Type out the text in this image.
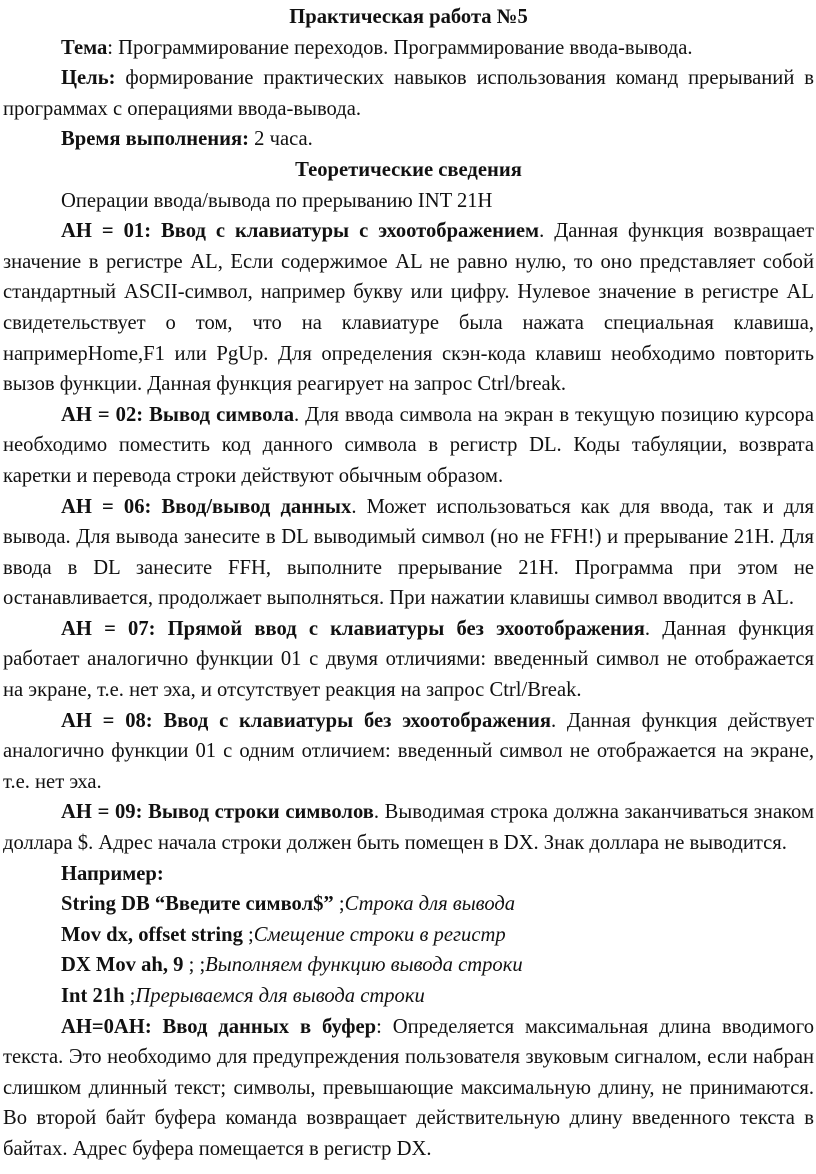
Практическая работа №5

Тема: Программирование переходов. Программирование ввода-вывода.

Цель: формирование практических навыков использования команд прерываний в программах с операциями ввода-вывода.

Время выполнения: 2 часа.

Теоретические сведения

Операции ввода/вывода по прерыванию INT 21H

AH = 01: Ввод с клавиатуры с эхоотображением. Данная функция возвращает значение в регистре AL, Если содержимое AL не равно нулю, то оно представляет собой стандартный ASCII-символ, например букву или цифру. Нулевое значение в регистре AL свидетельствует о том, что на клавиатуре была нажата специальная клавиша, напримерHome,F1 или PgUp. Для определения скэн-кода клавиш необходимо повторить вызов функции. Данная функция реагирует на запрос Ctrl/break.

AH = 02: Вывод символа. Для ввода символа на экран в текущую позицию курсора необходимо поместить код данного символа в регистр DL. Коды табуляции, возврата каретки и перевода строки действуют обычным образом.

AH = 06: Ввод/вывод данных. Может использоваться как для ввода, так и для вывода. Для вывода занесите в DL выводимый символ (но не FFH!) и прерывание 21H. Для ввода в DL занесите FFH, выполните прерывание 21H. Программа при этом не останавливается, продолжает выполняться. При нажатии клавишы символ вводится в AL.

AH = 07: Прямой ввод с клавиатуры без эхоотображения. Данная функция работает аналогично функции 01 с двумя отличиями: введенный символ не отображается на экране, т.е. нет эха, и отсутствует реакция на запрос Ctrl/Break.

AH = 08: Ввод с клавиатуры без эхоотображения. Данная функция действует аналогично функции 01 с одним отличием: введенный символ не отображается на экране, т.е. нет эха.

AH = 09: Вывод строки символов. Выводимая строка должна заканчиваться знаком доллара $. Адрес начала строки должен быть помещен в DX. Знак доллара не выводится.

Например:
String DB “Введите символ$” ;Строка для вывода
Mov dx, offset string ;Смещение строки в регистр
DX Mov ah, 9 ; ;Выполняем функцию вывода строки
Int 21h ;Прерываемся для вывода строки

AH=0AH: Ввод данных в буфер: Определяется максимальная длина вводимого текста. Это необходимо для предупреждения пользователя звуковым сигналом, если набран слишком длинный текст; символы, превышающие максимальную длину, не принимаются. Во второй байт буфера команда возвращает действительную длину введенного текста в байтах. Адрес буфера помещается в регистр DX.
